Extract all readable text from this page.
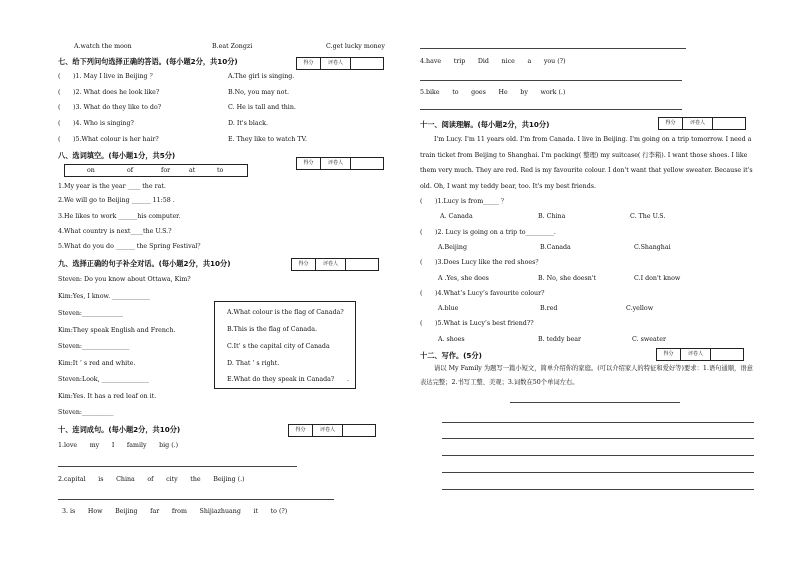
A.watch the moon	B.eat Zongzi	C.get lucky money
七、给下列问句选择正确的答语。(每小题2分，共10分)	得分	评卷人
(　　)1. May I live in Beijing ？	A.The girl is singing.
(　　)2. What does he look like?	B.No, you may not.
(　　)3. What do they like to do?	C. He is tall and thin.
(　　)4. Who is singing?	D. It's black.
(　　)5.What colour is her hair?	E. They like to watch TV.
八、选词填空。(每小题1分，共5分)
on	of	for	at	to
得分	评卷人
1.My year is the year ____ the rat.
2.We will go to Beijing ______ 11:58 .
3.He likes to work ______his computer.
4.What country is next____the U.S.?
5.What do you do ______ the Spring Festival？
九、选择正确的句子补全对话。(每小题2分，共10分)	得分	评卷人
Steven: Do you know about Ottawa, Kim?
Kim:Yes, I know. ____________
Steven:_____________
Kim:They speak English and French.
Steven:_______________
Kim:It ’ s red and white.
Steven:Look, _______________
Kim:Yes. It has a red leaf on it.
Steven:__________
A.What colour is the flag of Canada?
B.This is the flag of Canada.
C.It’ s the capital city of Canada
D. That ’ s right.
E.What do they speak in Canada? .
十、连词成句。(每小题2分，共10分)	得分	评卷人
1.love　　my　　I　　family　　big (.)
2.capital　　is　　China　　of　　city　　the　　Beijing (.)
3. is　　How　　Beijing　　far　　from　　Shijiazhuang　　it　　to (?)
4.have　　trip　　Did　　nice　　a　　you (?)
5.bike　　to　　goes　　He　　by　　work (.)
十一、阅读理解。(每小题2分，共10分)	得分	评卷人
I'm Lucy. I'm 11 years old. I'm from Canada. I live in Beijing. I'm going on a trip tomorrow. I need a train ticket from Beijing to Shanghai. I'm packing( 整理) my suitcase( 行李箱). I want those shoes. I like them very much. They are red. Red is my favourite colour. I don't want that yellow sweater. Because it's old. Oh, I want my teddy bear, too. It's my best friends.
(　　)1.Lucy is from_____ ？
A. Canada	B. China	C. The U.S.
(　　)2. Lucy is going on a trip to_________.
A.Beijing	B.Canada	C.Shanghai
(　　)3.Does Lucy like the red shoes？
A .Yes, she does	B. No, she doesn't	C.I don't know
(　　)4.What’s Lucy’s favourite colour?
A.blue	B.red	C.yellow
(　　)5.What is Lucy’s best friend??
A. shoes	B. teddy bear	C. sweater
十二、写作。(5分)	得分	评卷人
请以 My Family 为题写一篇小短文，简单介绍你的家庭。(可以介绍家人的特征和爱好等)要求：1.语句通顺，语意表达完整；2.书写工整、美观；3.词数在50个单词左右。
